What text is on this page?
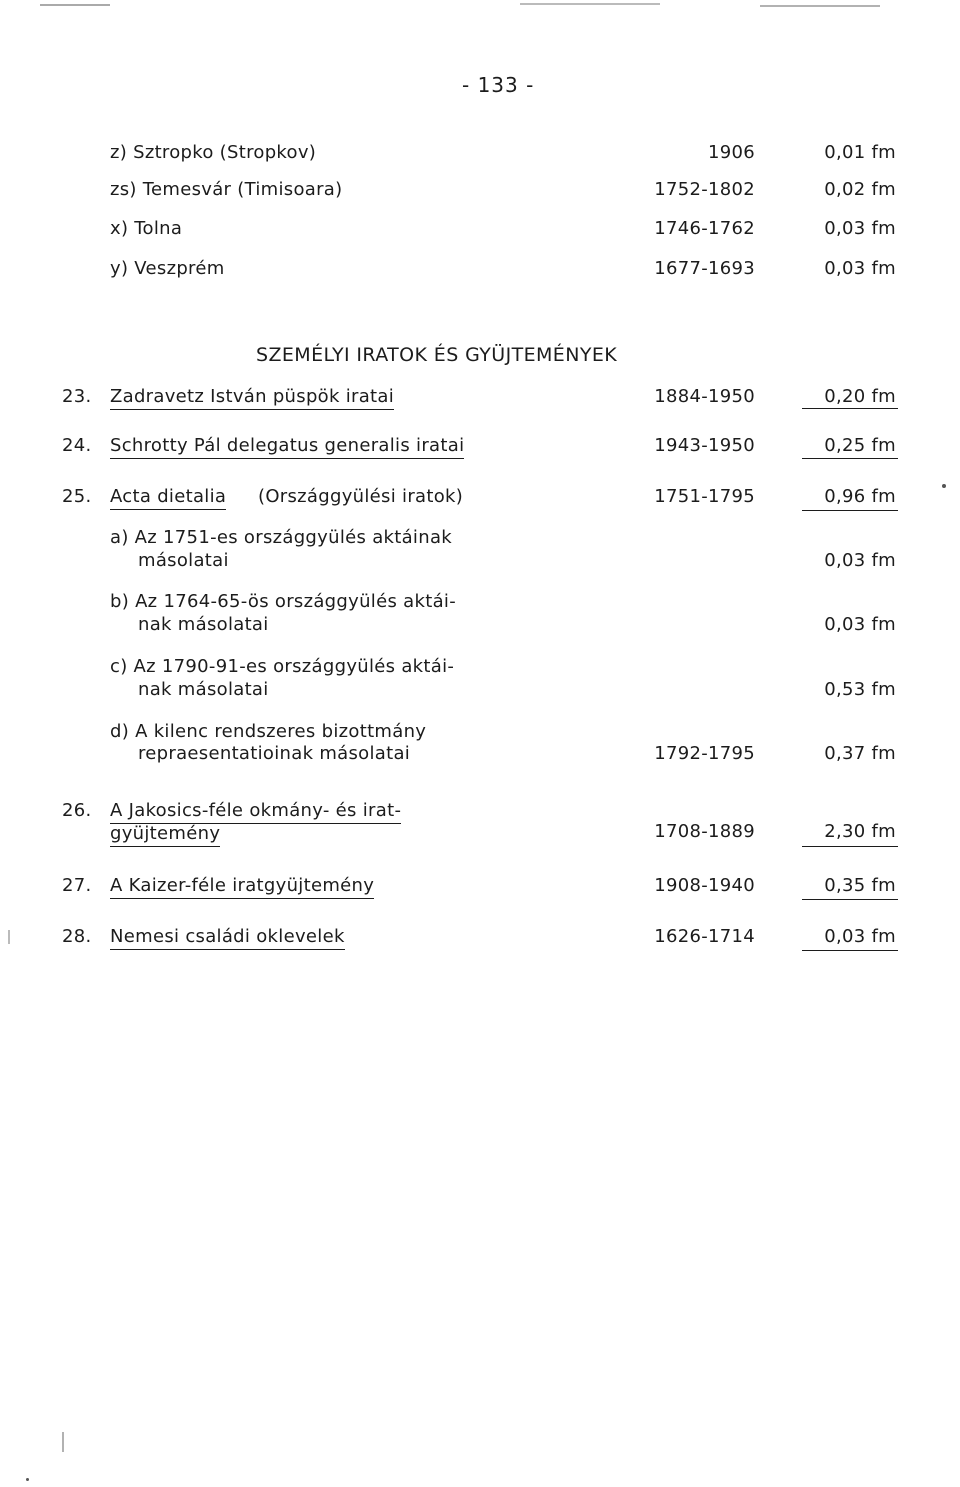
- 133 -
z) Sztropko (Stropkov)	1906	0,01 fm
zs) Temesvár (Timisoara)	1752-1802	0,02 fm
x) Tolna	1746-1762	0,03 fm
y) Veszprém	1677-1693	0,03 fm
SZEMÉLYI IRATOK ÉS GYÜJTEMÉNYEK
23. Zadravetz István püspök iratai	1884-1950	0,20 fm
24. Schrotty Pál delegatus generalis iratai	1943-1950	0,25 fm
25. Acta dietalia (Országgyülési iratok)	1751-1795	0,96 fm
a) Az 1751-es országgyülés aktáinak
másolatai	0,03 fm
b) Az 1764-65-ös országgyülés aktái-
nak másolatai	0,03 fm
c) Az 1790-91-es országgyülés aktái-
nak másolatai	0,53 fm
d) A kilenc rendszeres bizottmány
repraesentatioinak másolatai	1792-1795	0,37 fm
26. A Jakosics-féle okmány- és irat-
gyüjtemény	1708-1889	2,30 fm
27. A Kaizer-féle iratgyüjtemény	1908-1940	0,35 fm
28. Nemesi családi oklevelek	1626-1714	0,03 fm
